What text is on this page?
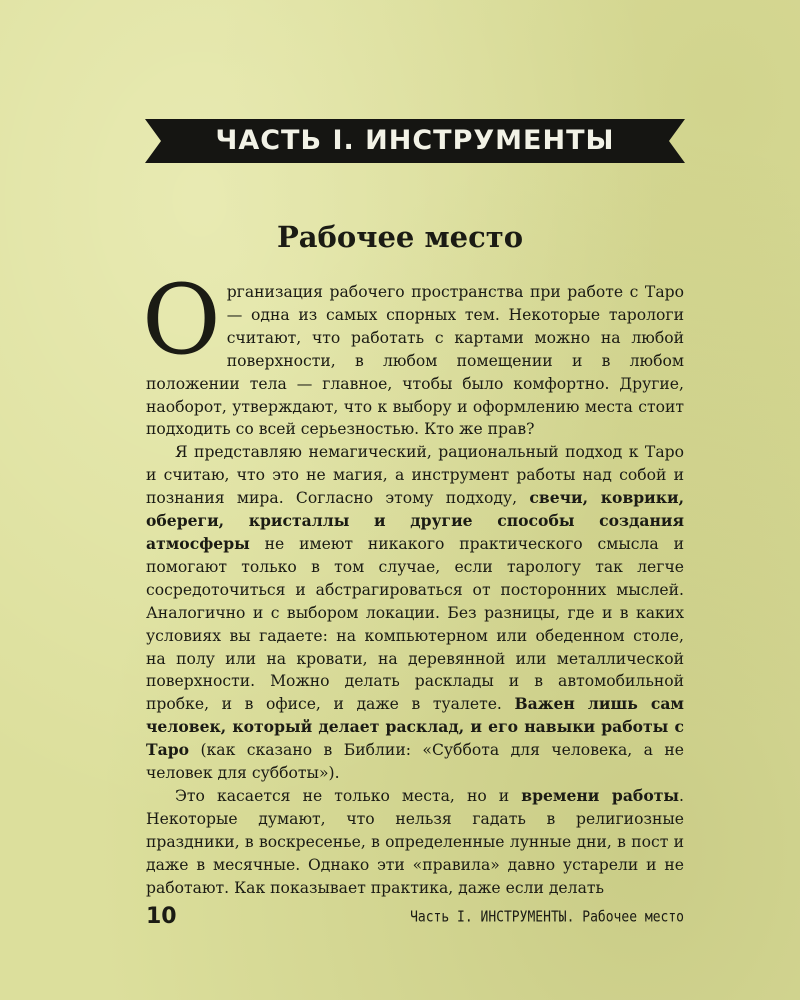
ЧАСТЬ I. ИНСТРУМЕНТЫ
Рабочее место

Организация рабочего пространства при работе с Таро — одна из самых спорных тем. Некоторые тарологи считают, что работать с картами можно на любой поверхности, в любом помещении и в любом положении тела — главное, чтобы было комфортно. Другие, наоборот, утверждают, что к выбору и оформлению места стоит подходить со всей серьезностью. Кто же прав?

Я представляю немагический, рациональный подход к Таро и считаю, что это не магия, а инструмент работы над собой и познания мира. Согласно этому подходу, свечи, коврики, обереги, кристаллы и другие способы создания атмосферы не имеют никакого практического смысла и помогают только в том случае, если тарологу так легче сосредоточиться и абстрагироваться от посторонних мыслей. Аналогично и с выбором локации. Без разницы, где и в каких условиях вы гадаете: на компьютерном или обеденном столе, на полу или на кровати, на деревянной или металлической поверхности. Можно делать расклады и в автомобильной пробке, и в офисе, и даже в туалете. Важен лишь сам человек, который делает расклад, и его навыки работы с Таро (как сказано в Библии: «Суббота для человека, а не человек для субботы»).

Это касается не только места, но и времени работы. Некоторые думают, что нельзя гадать в религиозные праздники, в воскресенье, в определенные лунные дни, в пост и даже в месячные. Однако эти «правила» давно устарели и не работают. Как показывает практика, даже если делать

10	Часть I. ИНСТРУМЕНТЫ. Рабочее место
